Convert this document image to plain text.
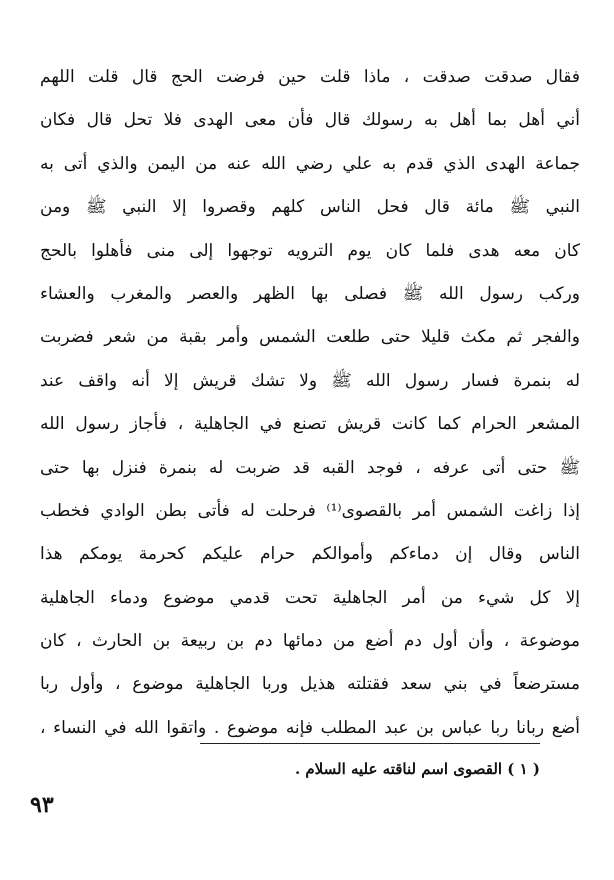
فقال صدقت صدقت ، ماذا قلت حين فرضت الحج قال قلت اللهم
أني أهل بما أهل به رسولك قال فأن معى الهدى فلا تحل قال فكان
جماعة الهدى الذي قدم به علي رضي الله عنه من اليمن والذي أتى به
النبي ﷺ مائة قال فحل الناس كلهم وقصروا إلا النبي ﷺ ومن
كان معه هدى فلما كان يوم الترويه توجهوا إلى منى فأهلوا بالحج
وركب رسول الله ﷺ فصلى بها الظهر والعصر والمغرب والعشاء
والفجر ثم مكث قليلا حتى طلعت الشمس وأمر بقبة من شعر فضربت
له بنمرة فسار رسول الله ﷺ ولا تشك قريش إلا أنه واقف عند
المشعر الحرام كما كانت قريش تصنع في الجاهلية ، فأجاز رسول الله
ﷺ حتى أتى عرفه ، فوجد القبه قد ضربت له بنمرة فنزل بها حتى
إذا زاغت الشمس أمر بالقصوى⁽¹⁾ فرحلت له فأتى بطن الوادي فخطب
الناس وقال إن دماءكم وأموالكم حرام عليكم كحرمة يومكم هذا
إلا كل شيء من أمر الجاهلية تحت قدمي موضوع ودماء الجاهلية
موضوعة ، وأن أول دم أضع من دمائها دم بن ربيعة بن الحارث ، كان
مسترضعاً في بني سعد فقتلته هذيل وربا الجاهلية موضوع ، وأول ربا
أضع ربانا ربا عباس بن عبد المطلب فإنه موضوع . واتقوا الله في النساء ،
( ١ ) القصوى اسم لناقته عليه السلام .
٩٣
